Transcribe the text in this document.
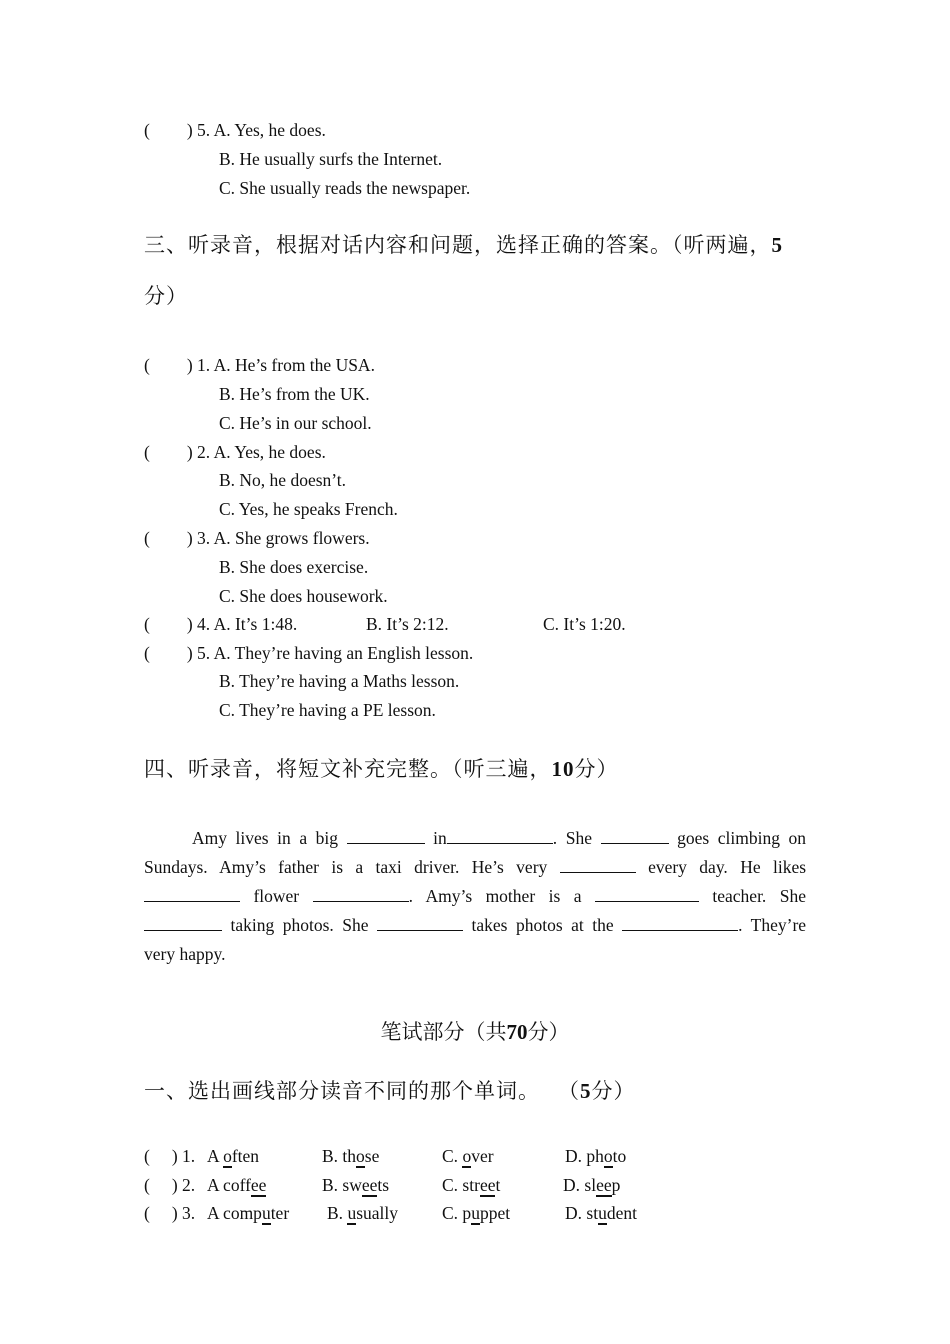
( ) 5. A. Yes, he does.
B. He usually surfs the Internet.
C. She usually reads the newspaper.
三、听录音，根据对话内容和问题，选择正确的答案。（听两遍，5
分）
( ) 1. A. He’s from the USA.
B. He’s from the UK.
C. He’s in our school.
( ) 2. A. Yes, he does.
B. No, he doesn’t.
C. Yes, he speaks French.
( ) 3. A. She grows flowers.
B. She does exercise.
C. She does housework.
( ) 4. A. It’s 1:48.	B. It’s 2:12.	C. It’s 1:20.
( ) 5. A. They’re having an English lesson.
B. They’re having a Maths lesson.
C. They’re having a PE lesson.
四、听录音，将短文补充完整。（听三遍，10分）
Amy lives in a big	in	. She	goes climbing on
Sundays. Amy’s father is a taxi driver. He’s very	every day. He likes
flower	. Amy’s mother is a	teacher. She
taking photos. She	takes photos at the	. They’re
very happy.
笔试部分（共70分）
一、选出画线部分读音不同的那个单词。 （5分）
( ) 1. A often	B. those	C. over	D. photo
( ) 2. A coffee	B. sweets	C. street	D. sleep
( ) 3. A computer B. usually	C. puppet	D. student
